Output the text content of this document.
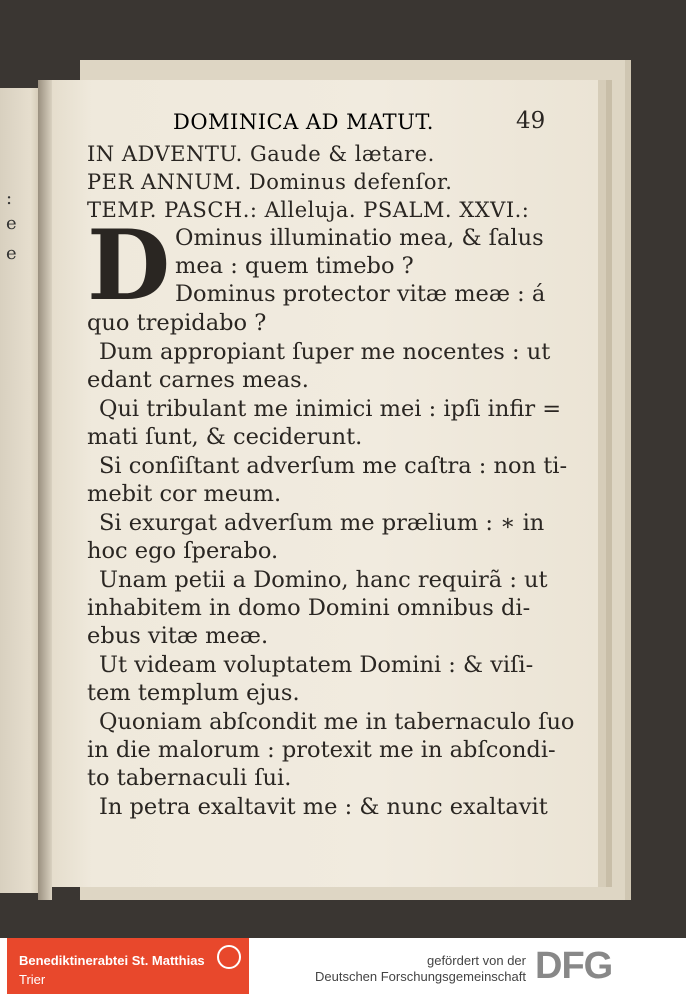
:
e
e
49
DOMINICA AD MATUT.
D
IN ADVENTU. Gaude & lætare.
PER ANNUM. Dominus defenſor.
TEMP. PASCH.: Alleluja. PSALM. XXVI.:
Ominus illuminatio mea, & ſalus
mea : quem timebo ?
Dominus protector vitæ meæ : á
quo trepidabo ?
Dum appropiant ſuper me nocentes : ut
edant carnes meas.
Qui tribulant me inimici mei : ipſi infir =
mati ſunt, & ceciderunt.
Si conſiſtant adverſum me caſtra : non ti-
mebit cor meum.
Si exurgat adverſum me prælium : ∗ in
hoc ego ſperabo.
Unam petii a Domino, hanc requirã : ut
inhabitem in domo Domini omnibus di-
ebus vitæ meæ.
Ut videam voluptatem Domini : & viſi-
tem templum ejus.
Quoniam abſcondit me in tabernaculo ſuo
in die malorum : protexit me in abſcondi-
to tabernaculi ſui.
In petra exaltavit me : & nunc exaltavit
Benediktinerabtei St. Matthias
Trier
gefördert von der
Deutschen Forschungsgemeinschaft DFG
